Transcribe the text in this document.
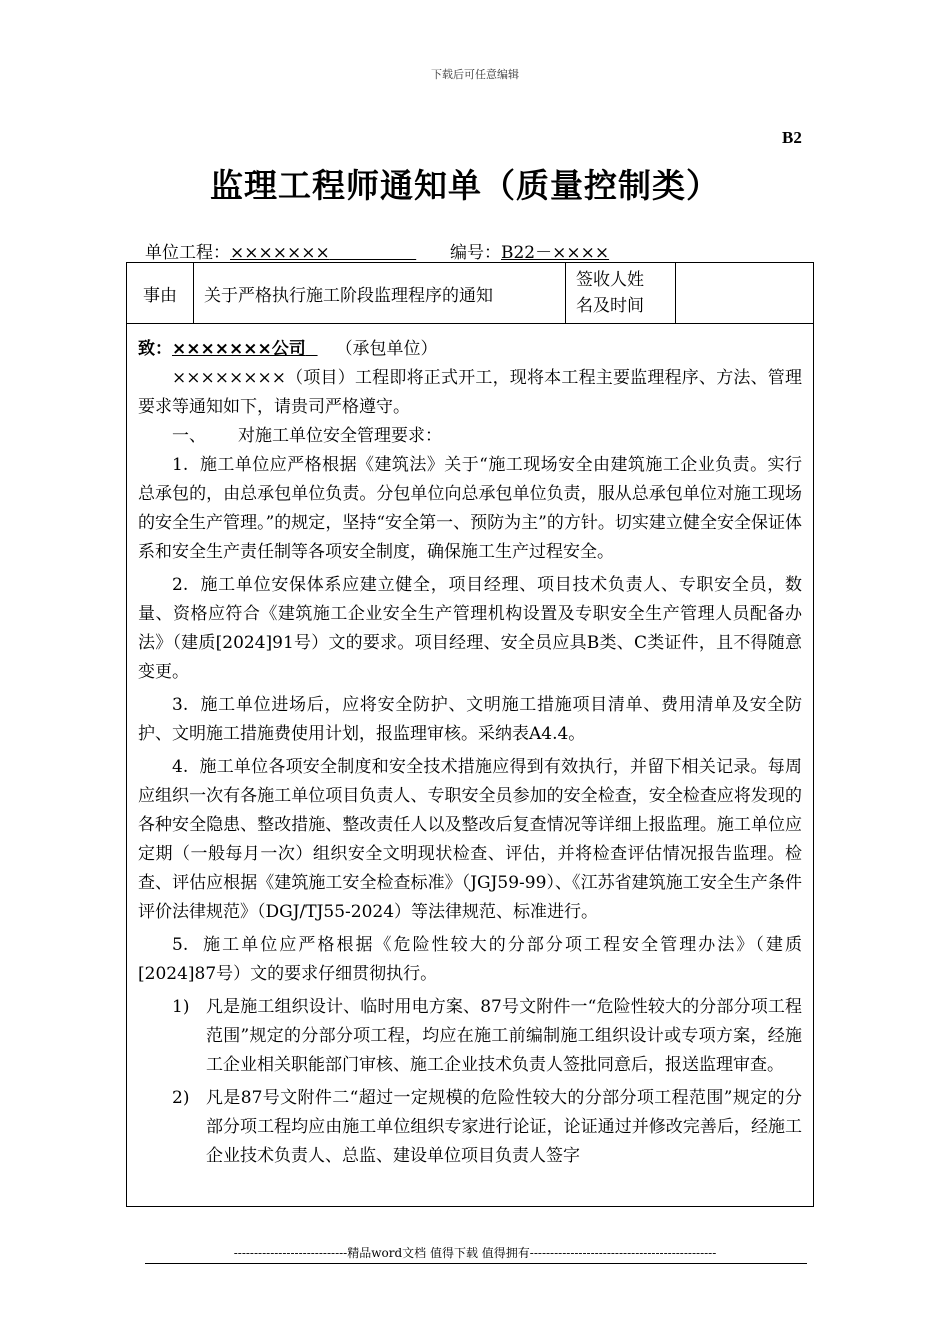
下载后可任意编辑
B2
监理工程师通知单（质量控制类）
单位工程：×××××××	编号：B22－××××
事由	关于严格执行施工阶段监理程序的通知	签收人姓
名及时间	

致：×××××××公司 （承包单位）

××××××××（项目）工程即将正式开工，现将本工程主要监理程序、方法、管理要求等通知如下，请贵司严格遵守。

一、 对施工单位安全管理要求：

1. 施工单位应严格根据《建筑法》关于“施工现场安全由建筑施工企业负责。实行总承包的，由总承包单位负责。分包单位向总承包单位负责，服从总承包单位对施工现场的安全生产管理。”的规定，坚持“安全第一、预防为主”的方针。切实建立健全安全保证体系和安全生产责任制等各项安全制度，确保施工生产过程安全。

2. 施工单位安保体系应建立健全，项目经理、项目技术负责人、专职安全员，数量、资格应符合《建筑施工企业安全生产管理机构设置及专职安全生产管理人员配备办法》（建质[2024]91号）文的要求。项目经理、安全员应具B类、C类证件，且不得随意变更。

3. 施工单位进场后，应将安全防护、文明施工措施项目清单、费用清单及安全防护、文明施工措施费使用计划，报监理审核。采纳表A4.4。

4. 施工单位各项安全制度和安全技术措施应得到有效执行，并留下相关记录。每周应组织一次有各施工单位项目负责人、专职安全员参加的安全检查，安全检查应将发现的各种安全隐患、整改措施、整改责任人以及整改后复查情况等详细上报监理。施工单位应定期（一般每月一次）组织安全文明现状检查、评估，并将检查评估情况报告监理。检查、评估应根据《建筑施工安全检查标准》（JGJ59-99）、《江苏省建筑施工安全生产条件评价法律规范》（DGJ/TJ55-2024）等法律规范、标准进行。

5. 施工单位应严格根据《危险性较大的分部分项工程安全管理办法》（建质[2024]87号）文的要求仔细贯彻执行。

1) 凡是施工组织设计、临时用电方案、87号文附件一“危险性较大的分部分项工程范围”规定的分部分项工程，均应在施工前编制施工组织设计或专项方案，经施工企业相关职能部门审核、施工企业技术负责人签批同意后，报送监理审查。

2) 凡是87号文附件二“超过一定规模的危险性较大的分部分项工程范围”规定的分部分项工程均应由施工单位组织专家进行论证，论证通过并修改完善后，经施工企业技术负责人、总监、建设单位项目负责人签字

----------------------------精品word文档 值得下载 值得拥有----------------------------------------------
